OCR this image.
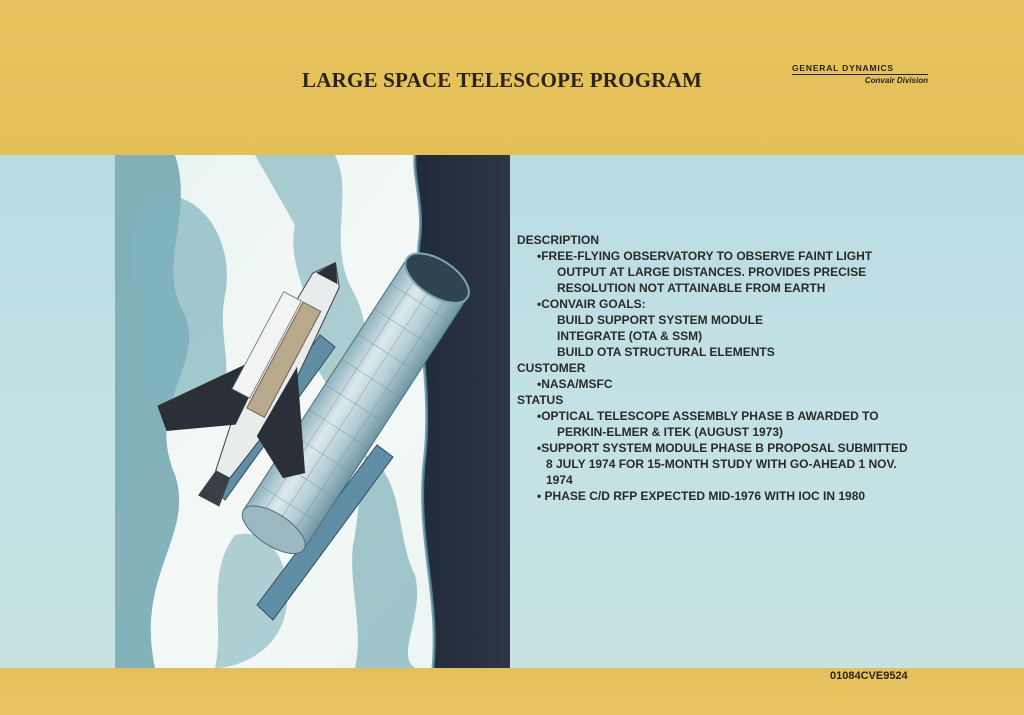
LARGE SPACE TELESCOPE PROGRAM	GENERAL DYNAMICS
Convair Division
DESCRIPTION
•FREE-FLYING OBSERVATORY TO OBSERVE FAINT LIGHT
OUTPUT AT LARGE DISTANCES. PROVIDES PRECISE
RESOLUTION NOT ATTAINABLE FROM EARTH
•CONVAIR GOALS:
BUILD SUPPORT SYSTEM MODULE
INTEGRATE (OTA & SSM)
BUILD OTA STRUCTURAL ELEMENTS
CUSTOMER
•NASA/MSFC
STATUS
•OPTICAL TELESCOPE ASSEMBLY PHASE B AWARDED TO
PERKIN-ELMER & ITEK (AUGUST 1973)
•SUPPORT SYSTEM MODULE PHASE B PROPOSAL SUBMITTED
8 JULY 1974 FOR 15-MONTH STUDY WITH GO-AHEAD 1 NOV.
1974
• PHASE C/D RFP EXPECTED MID-1976 WITH IOC IN 1980
01084CVE9524
